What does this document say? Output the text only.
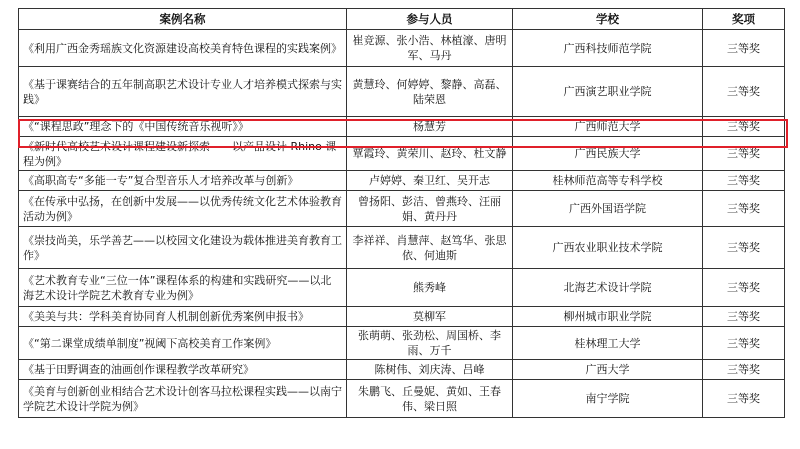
案例名称	参与人员	学校	奖项
《利用广西金秀瑶族文化资源建设高校美育特色课程的实践案例》	崔竞源、张小浩、林植濠、唐明军、马丹	广西科技师范学院	三等奖
《基于课赛结合的五年制高职艺术设计专业人才培养模式探索与实践》	黄慧玲、何婷婷、黎静、高磊、陆荣恩	广西演艺职业学院	三等奖
《“课程思政”理念下的《中国传统音乐视听》》	杨慧芳	广西师范大学	三等奖
《新时代高校艺术设计课程建设新探索——以产品设计 Rhino 课程为例》	覃霞玲、黄荣川、赵玲、杜文静	广西民族大学	三等奖
《高职高专“多能一专”复合型音乐人才培养改革与创新》	卢婷婷、秦卫红、吴开志	桂林师范高等专科学校	三等奖
《在传承中弘扬，在创新中发展——以优秀传统文化艺术体验教育活动为例》	曾扬阳、彭洁、曾燕玲、汪丽娟、黄丹丹	广西外国语学院	三等奖
《崇技尚美，乐学善艺——以校园文化建设为载体推进美育教育工作》	李祥祥、肖慧萍、赵笃华、张思依、何迪斯	广西农业职业技术学院	三等奖
《艺术教育专业“三位一体”课程体系的构建和实践研究——以北海艺术设计学院艺术教育专业为例》	熊秀峰	北海艺术设计学院	三等奖
《美美与共：学科美育协同育人机制创新优秀案例申报书》	莫柳军	柳州城市职业学院	三等奖
《“第二课堂成绩单制度”视阈下高校美育工作案例》	张萌萌、张劲松、周国桥、李雨、万千	桂林理工大学	三等奖
《基于田野调查的油画创作课程教学改革研究》	陈树伟、刘庆涛、吕峰	广西大学	三等奖
《美育与创新创业相结合艺术设计创客马拉松课程实践——以南宁学院艺术设计学院为例》	朱鹏飞、丘曼妮、黄如、王春伟、梁日照	南宁学院	三等奖
